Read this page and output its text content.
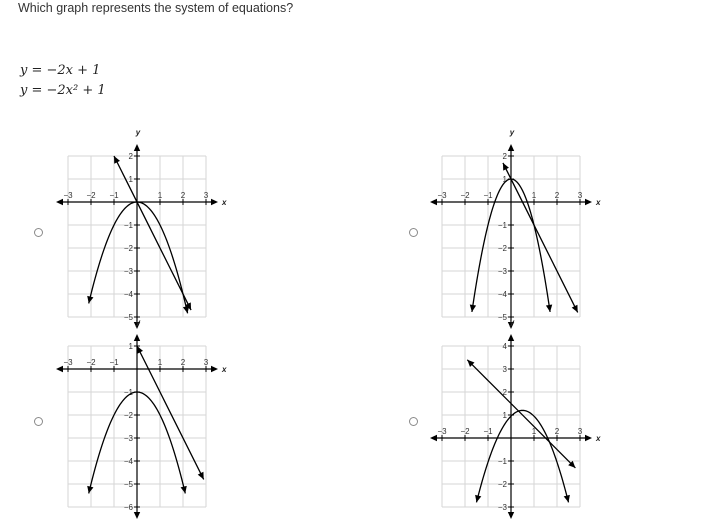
Which graph represents the system of equations?
y = −2x + 1
y = −2x² + 1
−3 −2 −1	1 2 3
2
1
−1
−2
−3
−4
−5
x
y
−3 −2 −1	1 2 3
2
1
−1
−2
−3
−4
−5
x
y
−3 −2 −1	1 2 3
1
−1
−2
−3
−4
−5
−6
x
y
−3 −2 −1	1 2 3
4
3
2
1
−1
−2
−3
x
y
